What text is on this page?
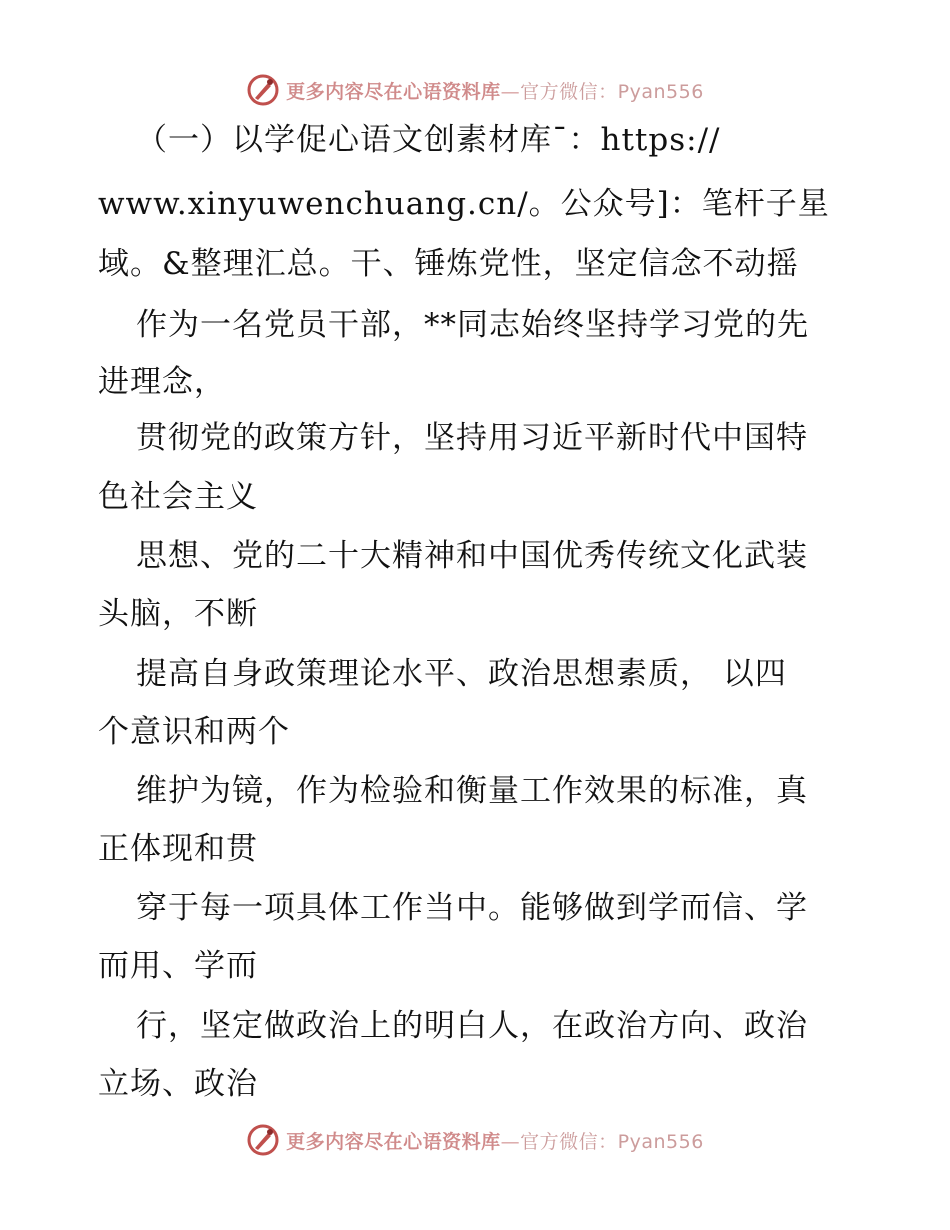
更多内容尽在心语资料库—官方微信：Pyan556
（一）以学促心语文创素材库¯：https://
www.xinyuwenchuang.cn/。公众号]：笔杆子星
域。&整理汇总。干、锤炼党性，坚定信念不动摇
作为一名党员干部，**同志始终坚持学习党的先
进理念，
贯彻党的政策方针，坚持用习近平新时代中国特
色社会主义
思想、党的二十大精神和中国优秀传统文化武装
头脑，不断
提高自身政策理论水平、政治思想素质， 以四
个意识和两个
维护为镜，作为检验和衡量工作效果的标准，真
正体现和贯
穿于每一项具体工作当中。能够做到学而信、学
而用、学而
行，坚定做政治上的明白人，在政治方向、政治
立场、政治
更多内容尽在心语资料库—官方微信：Pyan556
